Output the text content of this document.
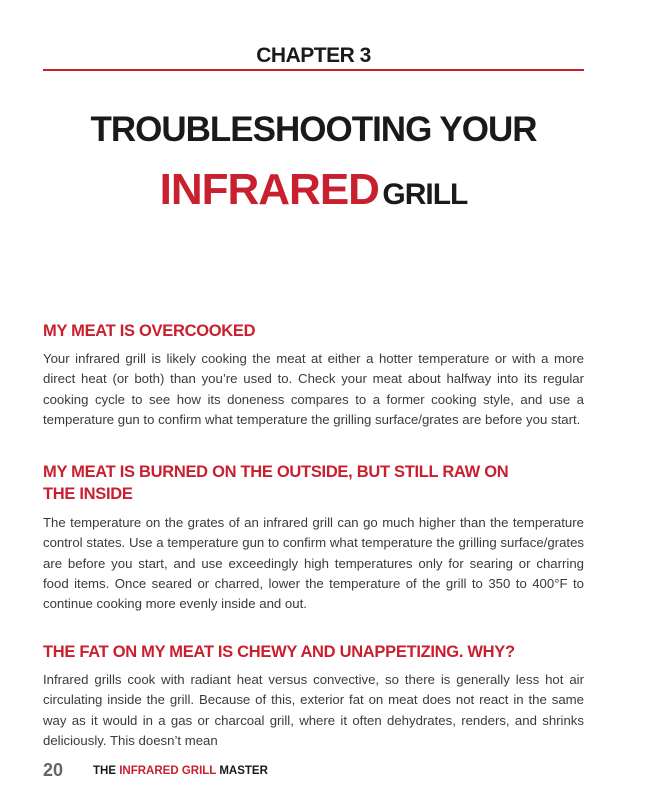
CHAPTER 3
TROUBLESHOOTING YOUR
INFRARED GRILL
MY MEAT IS OVERCOOKED

Your infrared grill is likely cooking the meat at either a hotter temperature or with a more direct heat (or both) than you’re used to. Check your meat about halfway into its regular cooking cycle to see how its doneness compares to a former cooking style, and use a temperature gun to confirm what temperature the grilling surface/grates are before you start.

MY MEAT IS BURNED ON THE OUTSIDE, BUT STILL RAW ON
THE INSIDE

The temperature on the grates of an infrared grill can go much higher than the temperature control states. Use a temperature gun to confirm what temperature the grilling surface/grates are before you start, and use exceedingly high temperatures only for searing or charring food items. Once seared or charred, lower the temperature of the grill to 350 to 400°F to continue cooking more evenly inside and out.

THE FAT ON MY MEAT IS CHEWY AND UNAPPETIZING. WHY?

Infrared grills cook with radiant heat versus convective, so there is generally less hot air circulating inside the grill. Because of this, exterior fat on meat does not react in the same way as it would in a gas or charcoal grill, where it often dehydrates, renders, and shrinks deliciously. This doesn’t mean

20	THE INFRARED GRILL MASTER
